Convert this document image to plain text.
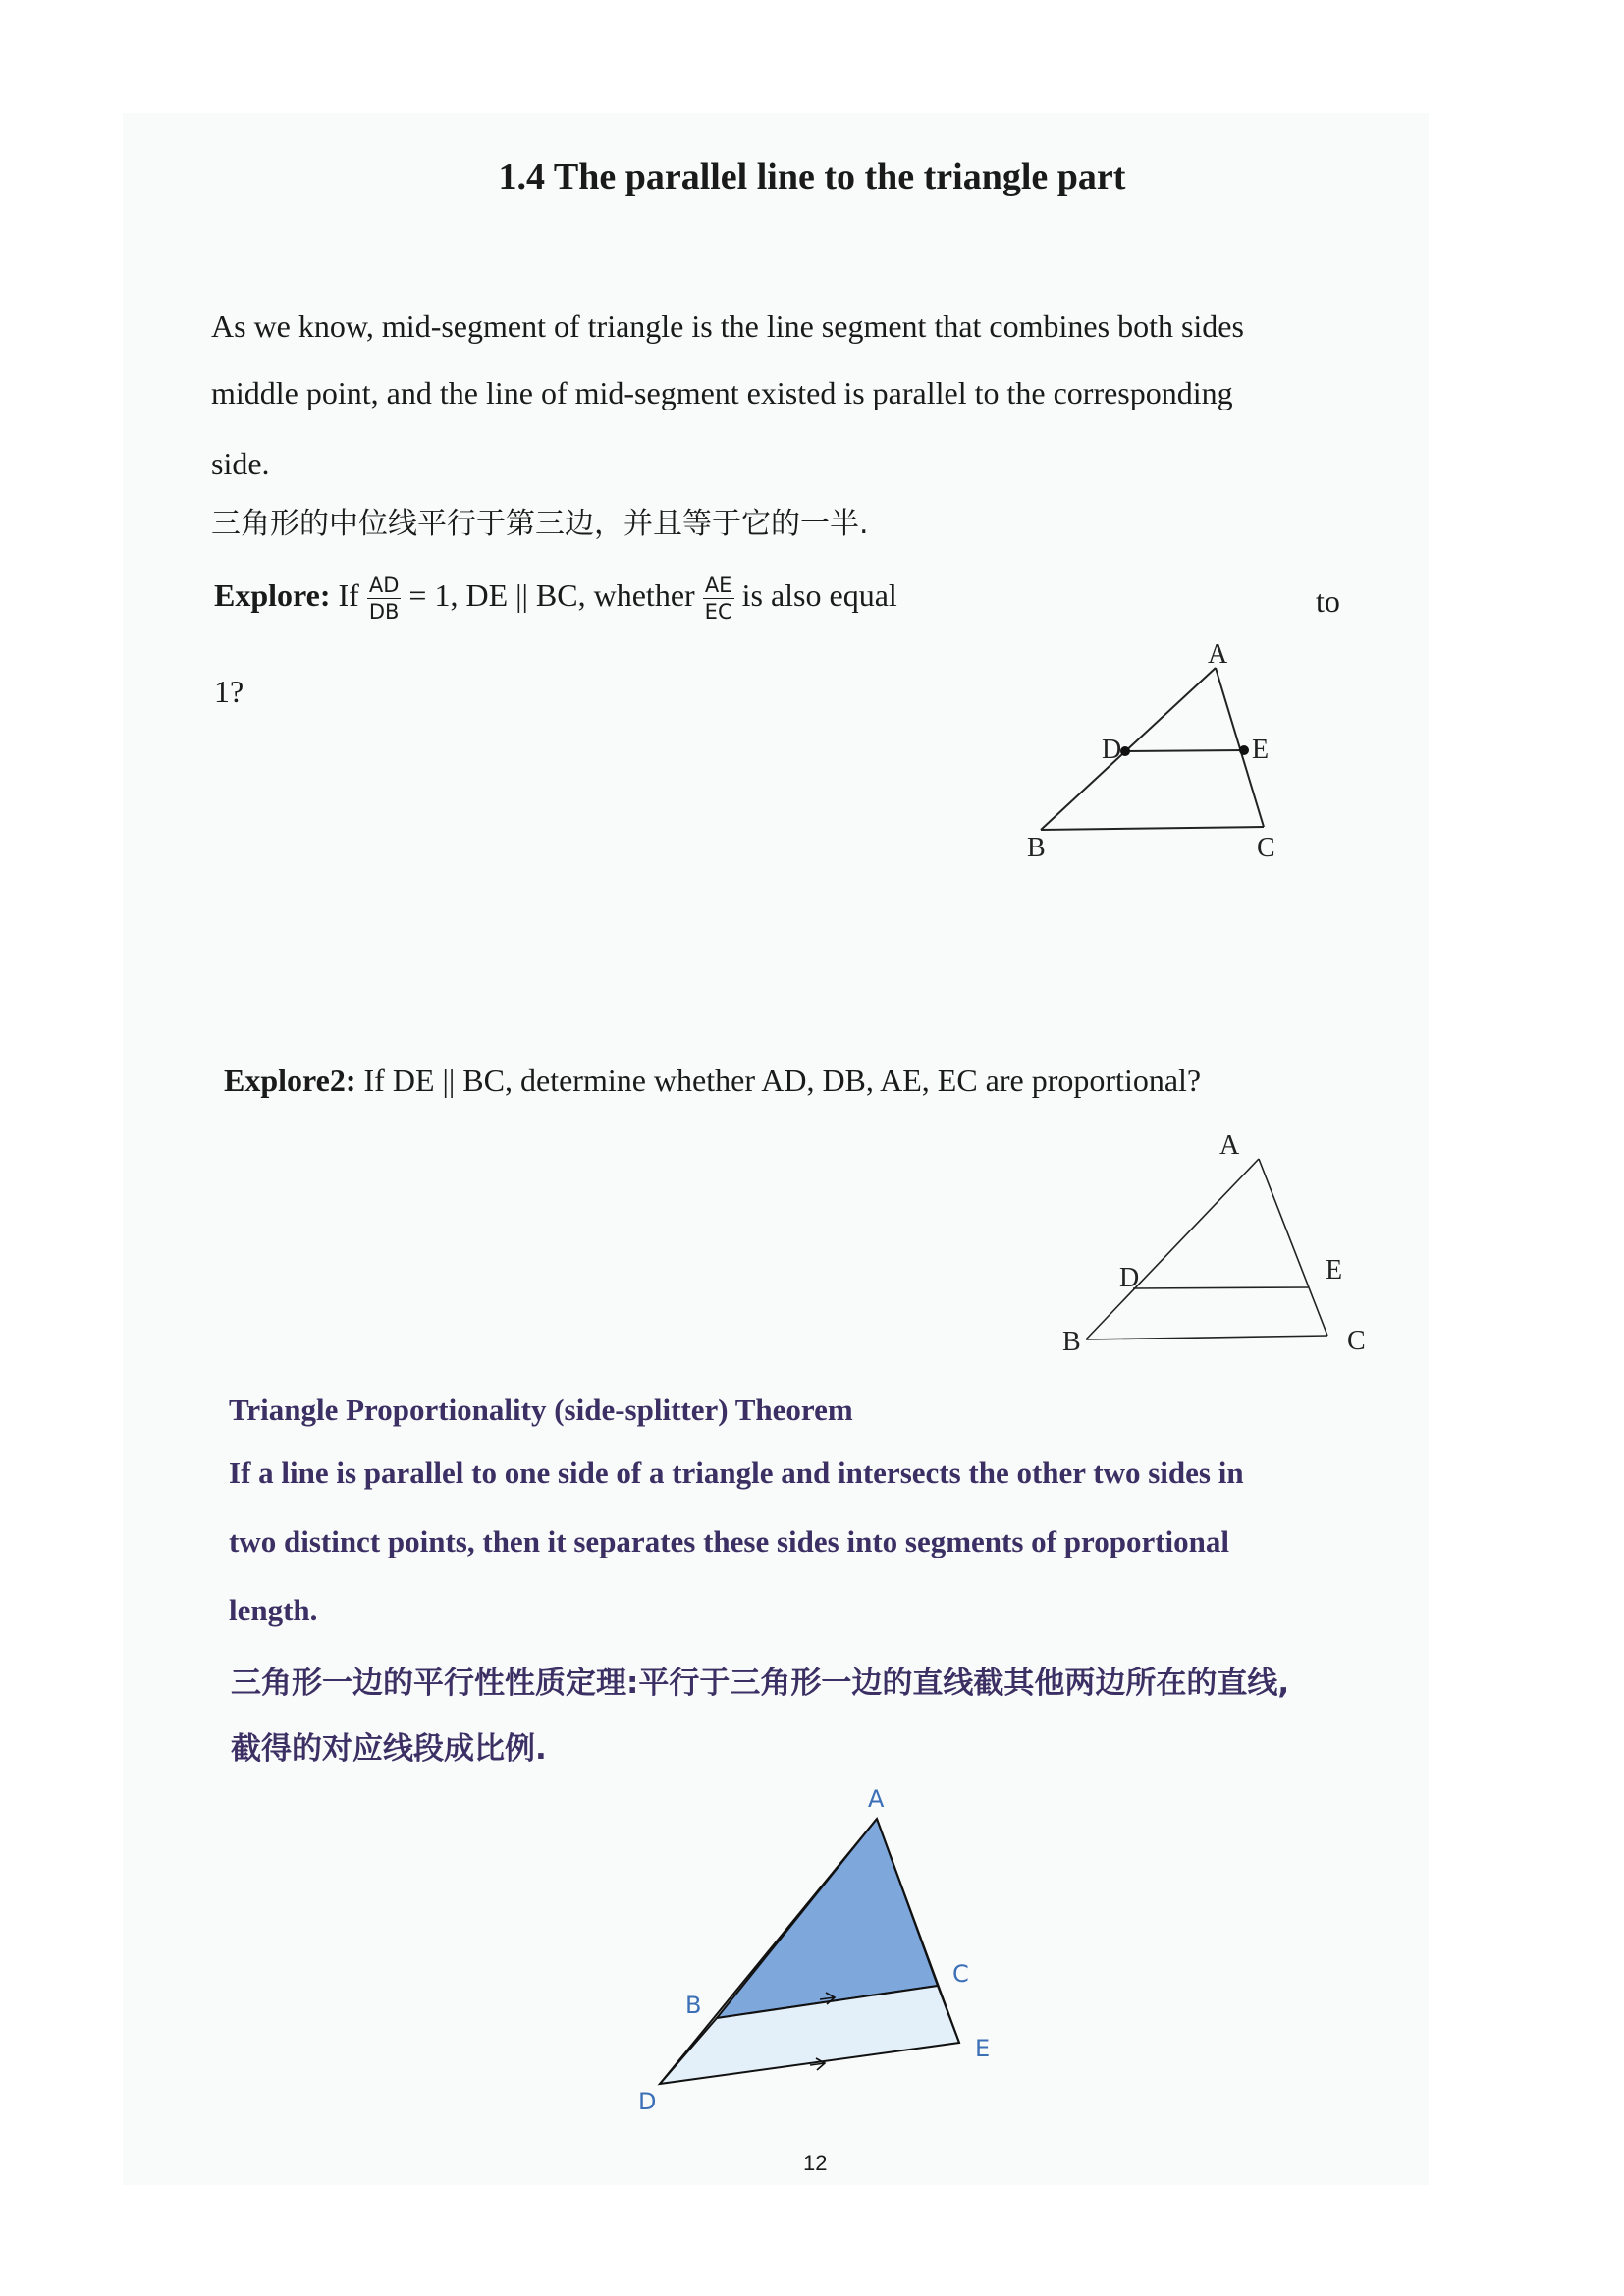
1.4 The parallel line to the triangle part
As we know, mid-segment of triangle is the line segment that combines both sides
middle point, and the line of mid-segment existed is parallel to the corresponding
side.
三角形的中位线平行于第三边，并且等于它的一半.
Explore: If $\frac{AD}{DB} = 1$, DE || BC, whether $\frac{AE}{EC}$ is also equal	to
1?
A
D	E
B	C
Explore2: If DE || BC, determine whether AD, DB, AE, EC are proportional?
A
D	E
B	C
Triangle Proportionality (side-splitter) Theorem
If a line is parallel to one side of a triangle and intersects the other two sides in
two distinct points, then it separates these sides into segments of proportional
length.
三角形一边的平行性性质定理:平行于三角形一边的直线截其他两边所在的直线,
截得的对应线段成比例.
A
B
C
D
E
12
